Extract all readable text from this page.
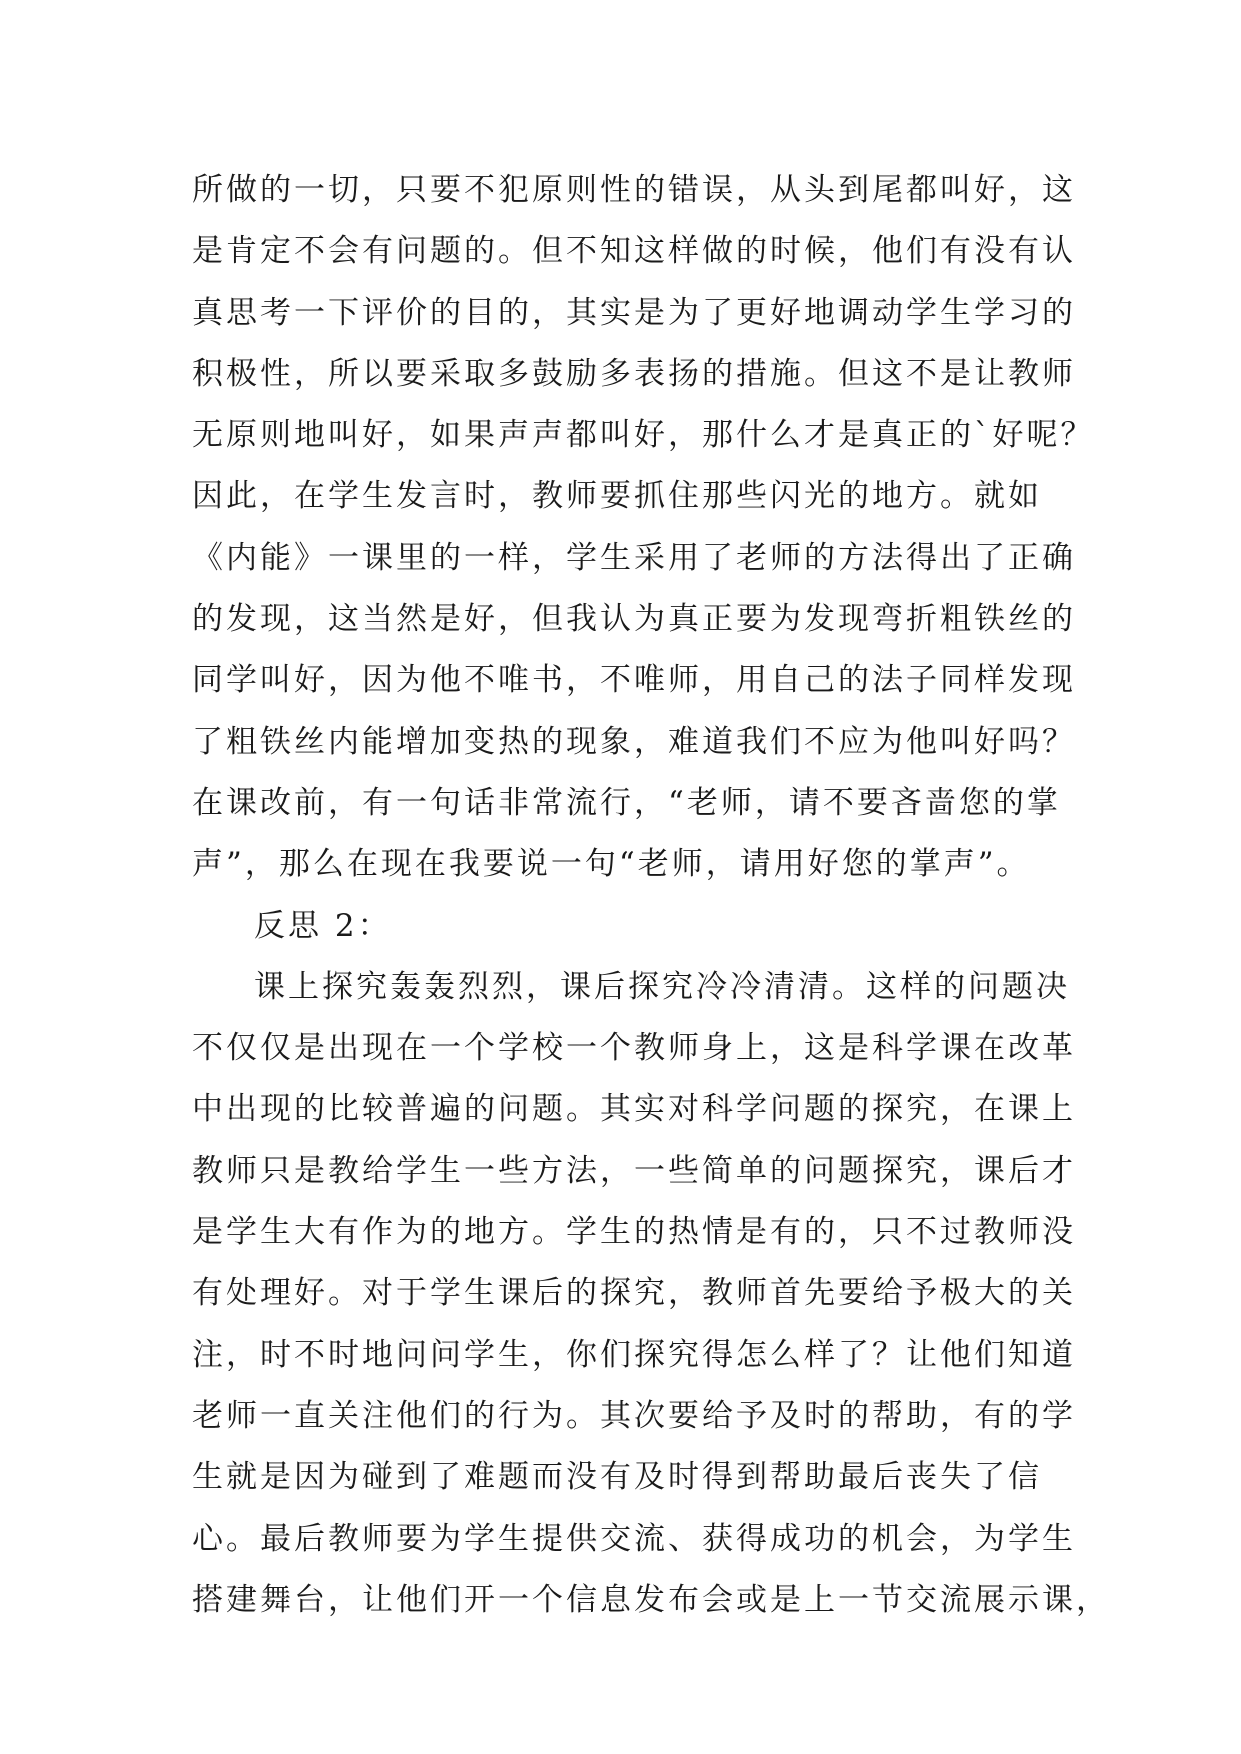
所做的一切，只要不犯原则性的错误，从头到尾都叫好，这
是肯定不会有问题的。但不知这样做的时候，他们有没有认
真思考一下评价的目的，其实是为了更好地调动学生学习的
积极性，所以要采取多鼓励多表扬的措施。但这不是让教师
无原则地叫好，如果声声都叫好，那什么才是真正的`好呢？
因此，在学生发言时，教师要抓住那些闪光的地方。就如
《内能》一课里的一样，学生采用了老师的方法得出了正确
的发现，这当然是好，但我认为真正要为发现弯折粗铁丝的
同学叫好，因为他不唯书，不唯师，用自己的法子同样发现
了粗铁丝内能增加变热的现象，难道我们不应为他叫好吗？
在课改前，有一句话非常流行，“老师，请不要吝啬您的掌
声”，那么在现在我要说一句“老师，请用好您的掌声”。
反思 2：
课上探究轰轰烈烈，课后探究冷冷清清。这样的问题决
不仅仅是出现在一个学校一个教师身上，这是科学课在改革
中出现的比较普遍的问题。其实对科学问题的探究，在课上
教师只是教给学生一些方法，一些简单的问题探究，课后才
是学生大有作为的地方。学生的热情是有的，只不过教师没
有处理好。对于学生课后的探究，教师首先要给予极大的关
注，时不时地问问学生，你们探究得怎么样了？让他们知道
老师一直关注他们的行为。其次要给予及时的帮助，有的学
生就是因为碰到了难题而没有及时得到帮助最后丧失了信
心。最后教师要为学生提供交流、获得成功的机会，为学生
搭建舞台，让他们开一个信息发布会或是上一节交流展示课，
